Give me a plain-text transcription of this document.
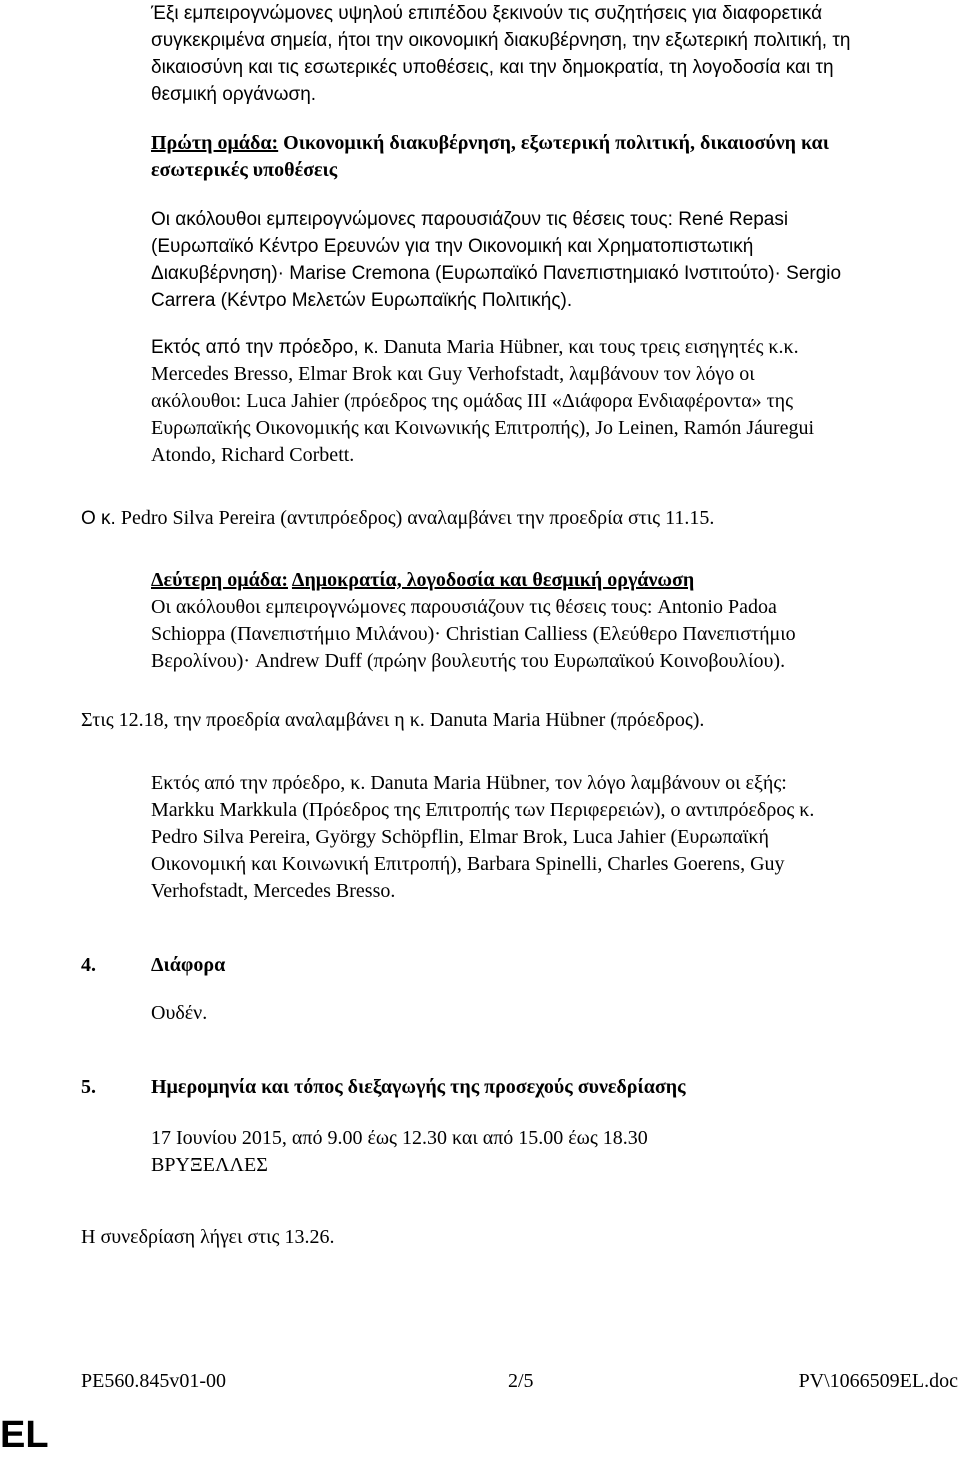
Έξι εμπειρογνώμονες υψηλού επιπέδου ξεκινούν τις συζητήσεις για διαφορετικά
συγκεκριμένα σημεία, ήτοι την οικονομική διακυβέρνηση, την εξωτερική πολιτική, τη
δικαιοσύνη και τις εσωτερικές υποθέσεις, και την δημοκρατία, τη λογοδοσία και τη
θεσμική οργάνωση.
Πρώτη ομάδα: Οικονομική διακυβέρνηση, εξωτερική πολιτική, δικαιοσύνη και
εσωτερικές υποθέσεις
Οι ακόλουθοι εμπειρογνώμονες παρουσιάζουν τις θέσεις τους: René Repasi
(Ευρωπαϊκό Κέντρο Ερευνών για την Οικονομική και Χρηματοπιστωτική
Διακυβέρνηση)· Marise Cremona (Ευρωπαϊκό Πανεπιστημιακό Ινστιτούτο)· Sergio
Carrera (Κέντρο Μελετών Ευρωπαϊκής Πολιτικής).
Εκτός από την πρόεδρο, κ. Danuta Maria Hübner, και τους τρεις εισηγητές κ.κ.
Mercedes Bresso, Elmar Brok και Guy Verhofstadt, λαμβάνουν τον λόγο οι
ακόλουθοι: Luca Jahier (πρόεδρος της ομάδας ΙΙΙ «Διάφορα Ενδιαφέροντα» της
Ευρωπαϊκής Οικονομικής και Κοινωνικής Επιτροπής), Jo Leinen, Ramón Jáuregui
Atondo, Richard Corbett.
Ο κ. Pedro Silva Pereira (αντιπρόεδρος) αναλαμβάνει την προεδρία στις 11.15.
Δεύτερη ομάδα: Δημοκρατία, λογοδοσία και θεσμική οργάνωση
Οι ακόλουθοι εμπειρογνώμονες παρουσιάζουν τις θέσεις τους: Antonio Padoa
Schioppa (Πανεπιστήμιο Μιλάνου)· Christian Calliess (Ελεύθερο Πανεπιστήμιο
Βερολίνου)· Andrew Duff (πρώην βουλευτής του Ευρωπαϊκού Κοινοβουλίου).
Στις 12.18, την προεδρία αναλαμβάνει η κ. Danuta Maria Hübner (πρόεδρος).
Εκτός από την πρόεδρο, κ. Danuta Maria Hübner, τον λόγο λαμβάνουν οι εξής:
Markku Markkula (Πρόεδρος της Επιτροπής των Περιφερειών), ο αντιπρόεδρος κ.
Pedro Silva Pereira, György Schöpflin, Elmar Brok, Luca Jahier (Ευρωπαϊκή
Οικονομική και Κοινωνική Επιτροπή), Barbara Spinelli, Charles Goerens, Guy
Verhofstadt, Mercedes Bresso.
4.	Διάφορα
Ουδέν.
5.	Ημερομηνία και τόπος διεξαγωγής της προσεχούς συνεδρίασης
17 Ιουνίου 2015, από 9.00 έως 12.30 και από 15.00 έως 18.30
ΒΡΥΞΕΛΛΕΣ
Η συνεδρίαση λήγει στις 13.26.
PE560.845v01-00	2/5	PV\1066509EL.doc
EL
